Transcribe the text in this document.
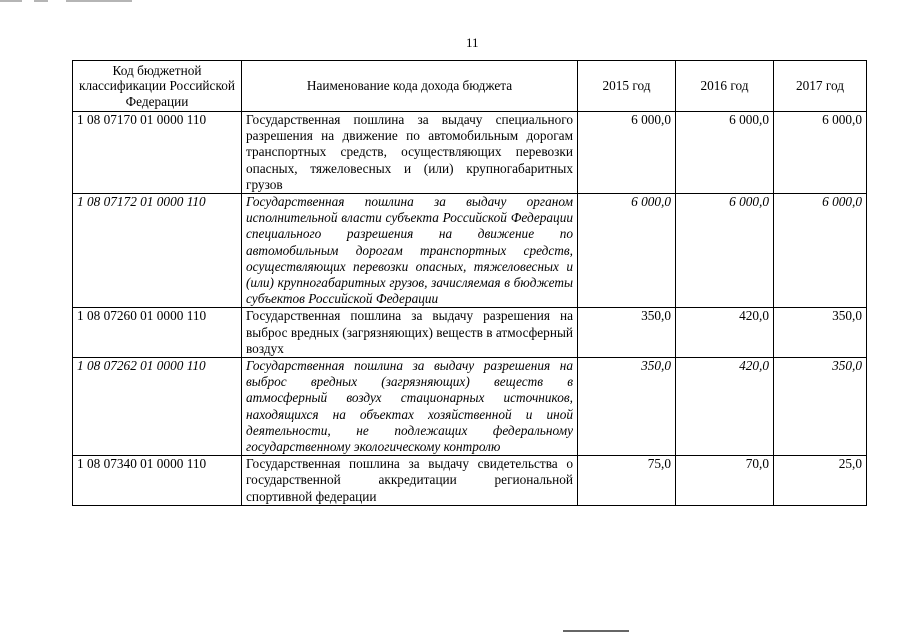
11
Код бюджетной классификации Российской Федерации	Наименование кода дохода бюджета	2015 год	2016 год	2017 год
1 08 07170 01 0000 110	Государственная пошлина за выдачу специального разрешения на движение по автомобильным дорогам транспортных средств, осуществляющих перевозки опасных, тяжеловесных и (или) крупногабаритных грузов	6 000,0	6 000,0	6 000,0
1 08 07172 01 0000 110	Государственная пошлина за выдачу органом исполнительной власти субъекта Российской Федерации специального разрешения на движение по автомобильным дорогам транспортных средств, осуществляющих перевозки опасных, тяжеловесных и (или) крупногабаритных грузов, зачисляемая в бюджеты субъектов Российской Федерации	6 000,0	6 000,0	6 000,0
1 08 07260 01 0000 110	Государственная пошлина за выдачу разрешения на выброс вредных (загрязняющих) веществ в атмосферный воздух	350,0	420,0	350,0
1 08 07262 01 0000 110	Государственная пошлина за выдачу разрешения на выброс вредных (загрязняющих) веществ в атмосферный воздух стационарных источников, находящихся на объектах хозяйственной и иной деятельности, не подлежащих федеральному государственному экологическому контролю	350,0	420,0	350,0
1 08 07340 01 0000 110	Государственная пошлина за выдачу свидетельства о государственной аккредитации региональной спортивной федерации	75,0	70,0	25,0
